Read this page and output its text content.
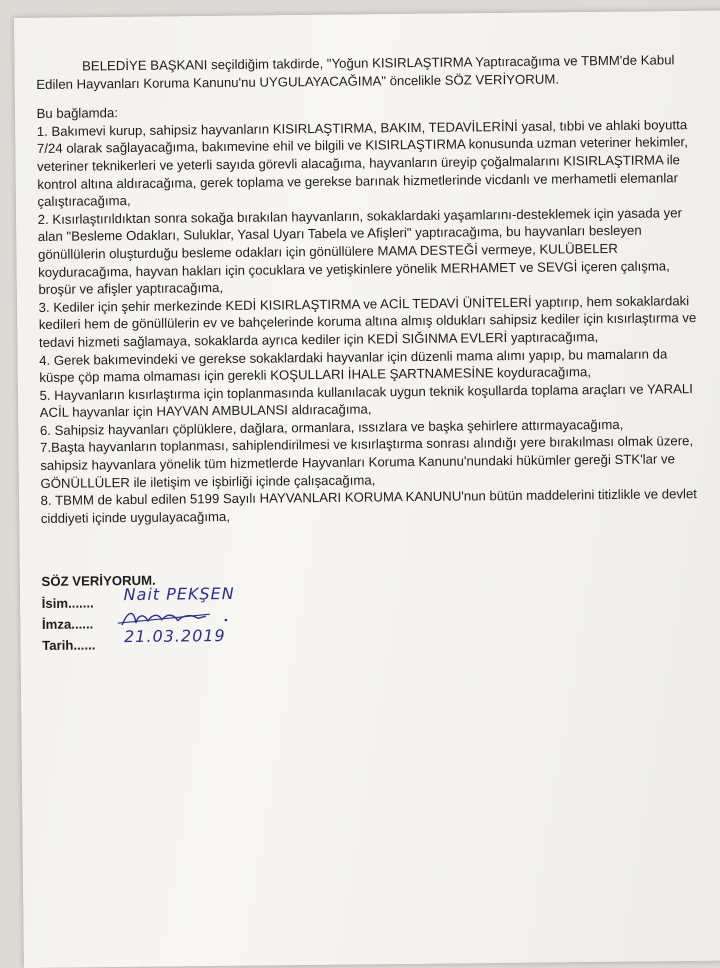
BELEDİYE BAŞKANI seçildiğim takdirde, "Yoğun KISIRLAŞTIRMA Yaptıracağıma ve TBMM'de Kabul Edilen Hayvanları Koruma Kanunu'nu UYGULAYACAĞIMA" öncelikle SÖZ VERİYORUM.

Bu bağlamda:

1. Bakımevi kurup, sahipsiz hayvanların KISIRLAŞTIRMA, BAKIM, TEDAVİLERİNİ yasal, tıbbi ve ahlaki boyutta 7/24 olarak sağlayacağıma, bakımevine ehil ve bilgili ve KISIRLAŞTIRMA konusunda uzman veteriner hekimler, veteriner teknikerleri ve yeterli sayıda görevli alacağıma, hayvanların üreyip çoğalmalarını KISIRLAŞTIRMA ile kontrol altına aldıracağıma, gerek toplama ve gerekse barınak hizmetlerinde vicdanlı ve merhametli elemanlar çalıştıracağıma,

2. Kısırlaştırıldıktan sonra sokağa bırakılan hayvanların, sokaklardaki yaşamlarını-desteklemek için yasada yer alan "Besleme Odakları, Suluklar, Yasal Uyarı Tabela ve Afişleri" yaptıracağıma, bu hayvanları besleyen gönüllülerin oluşturduğu besleme odakları için gönüllülere MAMA DESTEĞİ vermeye, KULÜBELER koyduracağıma, hayvan hakları için çocuklara ve yetişkinlere yönelik MERHAMET ve SEVGİ içeren çalışma, broşür ve afişler yaptıracağıma,

3. Kediler için şehir merkezinde KEDİ KISIRLAŞTIRMA ve ACİL TEDAVİ ÜNİTELERİ yaptırıp, hem sokaklardaki kedileri hem de gönüllülerin ev ve bahçelerinde koruma altına almış oldukları sahipsiz kediler için kısırlaştırma ve tedavi hizmeti sağlamaya, sokaklarda ayrıca kediler için KEDİ SIĞINMA EVLERİ yaptıracağıma,

4. Gerek bakımevindeki ve gerekse sokaklardaki hayvanlar için düzenli mama alımı yapıp, bu mamaların da küspe çöp mama olmaması için gerekli KOŞULLARI İHALE ŞARTNAMESİNE koyduracağıma,

5. Hayvanların kısırlaştırma için toplanmasında kullanılacak uygun teknik koşullarda toplama araçları ve YARALI ACİL hayvanlar için HAYVAN AMBULANSI aldıracağıma,

6. Sahipsiz hayvanları çöplüklere, dağlara, ormanlara, ıssızlara ve başka şehirlere attırmayacağıma,

7.Başta hayvanların toplanması, sahiplendirilmesi ve kısırlaştırma sonrası alındığı yere bırakılması olmak üzere, sahipsiz hayvanlara yönelik tüm hizmetlerde Hayvanları Koruma Kanunu'nundaki hükümler gereği STK'lar ve GÖNÜLLÜLER ile iletişim ve işbirliği içinde çalışacağıma,

8. TBMM de kabul edilen 5199 Sayılı HAYVANLARI KORUMA KANUNU'nun bütün maddelerini titizlikle ve devlet ciddiyeti içinde uygulayacağıma,

SÖZ VERİYORUM.

İsim....... Nait PEKŞEN
İmza......
Tarih...... 21.03.2019
